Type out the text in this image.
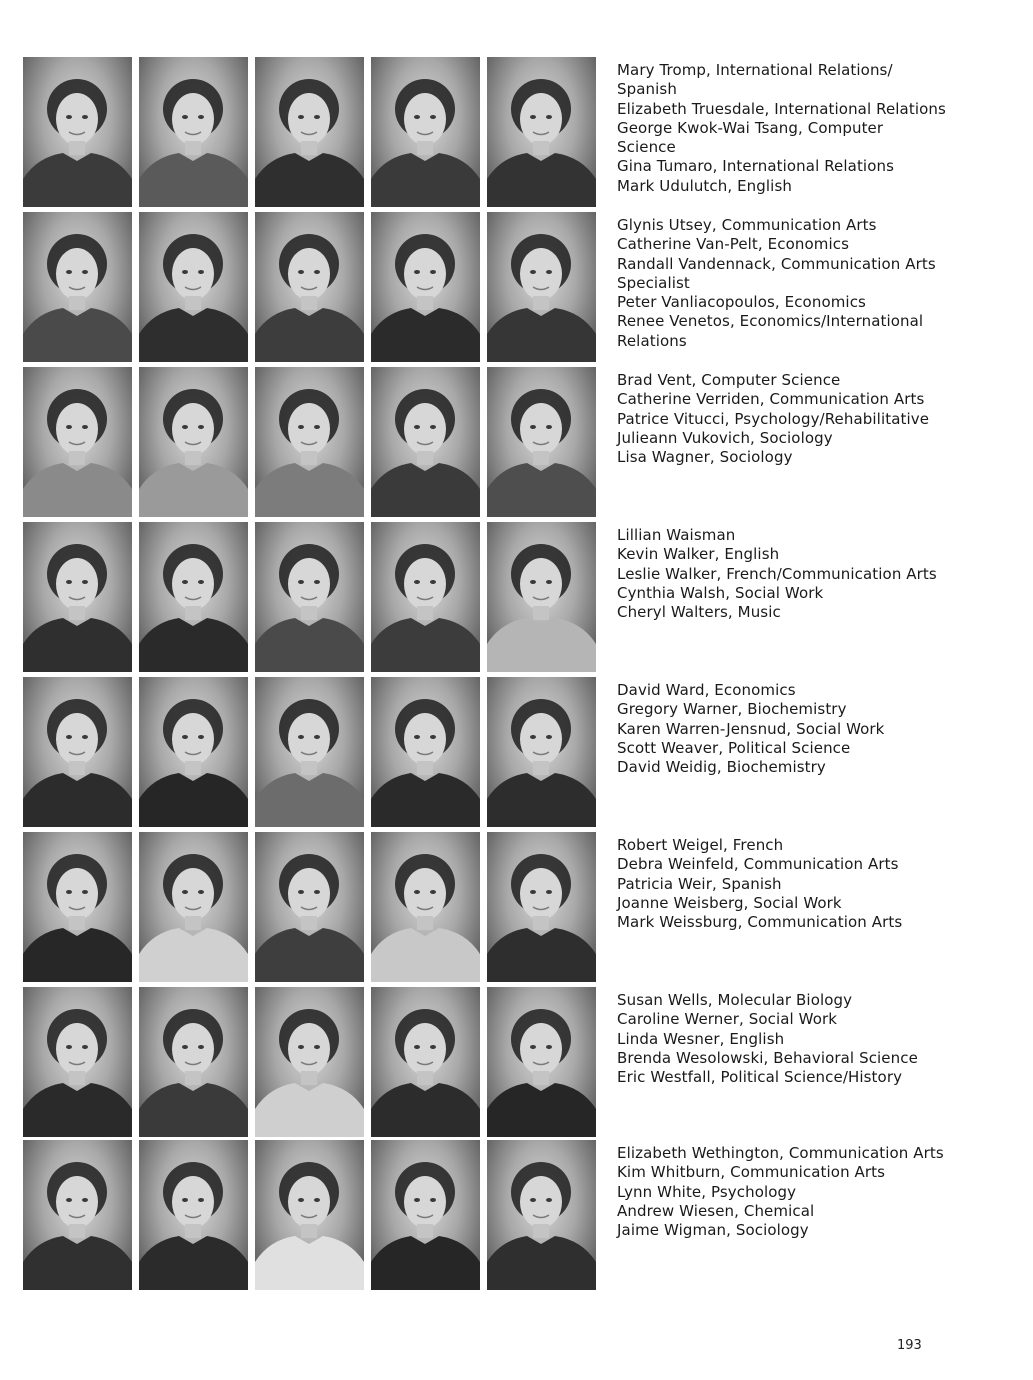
Mary Tromp, International Relations/
Spanish
Elizabeth Truesdale, International Relations
George Kwok-Wai Tsang, Computer
Science
Gina Tumaro, International Relations
Mark Udulutch, English
Glynis Utsey, Communication Arts
Catherine Van-Pelt, Economics
Randall Vandennack, Communication Arts
Specialist
Peter Vanliacopoulos, Economics
Renee Venetos, Economics/International
Relations
Brad Vent, Computer Science
Catherine Verriden, Communication Arts
Patrice Vitucci, Psychology/Rehabilitative
Julieann Vukovich, Sociology
Lisa Wagner, Sociology
Lillian Waisman
Kevin Walker, English
Leslie Walker, French/Communication Arts
Cynthia Walsh, Social Work
Cheryl Walters, Music
David Ward, Economics
Gregory Warner, Biochemistry
Karen Warren-Jensnud, Social Work
Scott Weaver, Political Science
David Weidig, Biochemistry
Robert Weigel, French
Debra Weinfeld, Communication Arts
Patricia Weir, Spanish
Joanne Weisberg, Social Work
Mark Weissburg, Communication Arts
Susan Wells, Molecular Biology
Caroline Werner, Social Work
Linda Wesner, English
Brenda Wesolowski, Behavioral Science
Eric Westfall, Political Science/History
Elizabeth Wethington, Communication Arts
Kim Whitburn, Communication Arts
Lynn White, Psychology
Andrew Wiesen, Chemical
Jaime Wigman, Sociology
193
